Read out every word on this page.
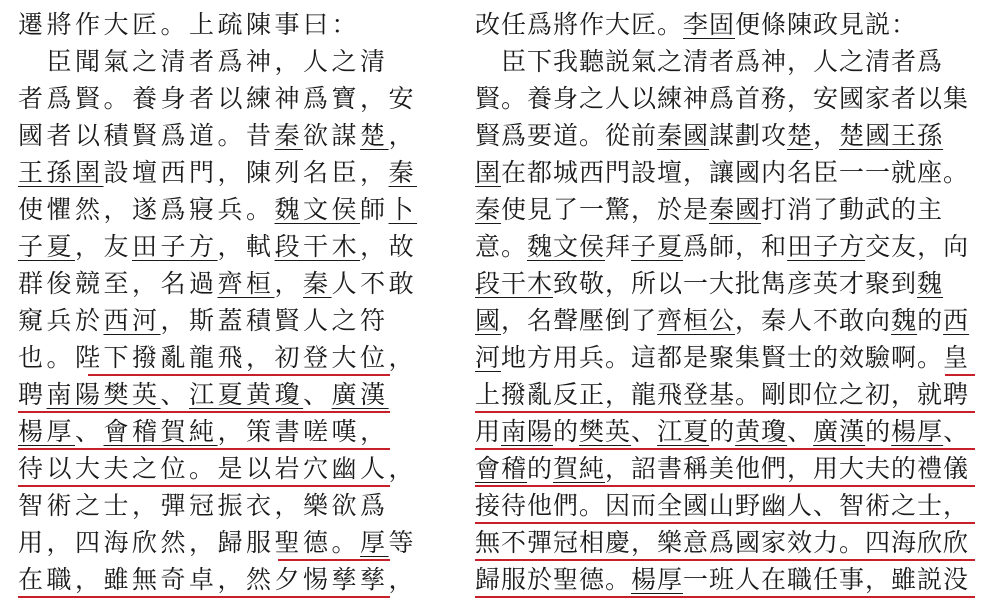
遷將作大匠。上疏陳事曰：
　臣聞氣之清者爲神，人之清
者爲賢。養身者以練神爲寶，安
國者以積賢爲道。昔秦欲謀楚，
王孫圉設壇西門，陳列名臣，秦
使懼然，遂爲寢兵。魏文侯師卜
子夏，友田子方，軾段干木，故
群俊競至，名過齊桓，秦人不敢
窺兵於西河，斯蓋積賢人之符
也。陛下撥亂龍飛，初登大位，
聘南陽樊英、江夏黄瓊、廣漢
楊厚、會稽賀純，策書嗟嘆，
待以大夫之位。是以岩穴幽人，
智術之士，彈冠振衣，樂欲爲
用，四海欣然，歸服聖德。厚等
在職，雖無奇卓，然夕惕孳孳，
改任爲將作大匠。李固便條陳政見説：
　臣下我聽説氣之清者爲神，人之清者爲
賢。養身之人以練神爲首務，安國家者以集
賢爲要道。從前秦國謀劃攻楚，楚國王孫
圉在都城西門設壇，讓國内名臣一一就座。
秦使見了一驚，於是秦國打消了動武的主
意。魏文侯拜子夏爲師，和田子方交友，向
段干木致敬，所以一大批雋彦英才聚到魏
國，名聲壓倒了齊桓公，秦人不敢向魏的西
河地方用兵。這都是聚集賢士的效驗啊。皇
上撥亂反正，龍飛登基。剛即位之初，就聘
用南陽的樊英、江夏的黄瓊、廣漢的楊厚、
會稽的賀純，詔書稱美他們，用大夫的禮儀
接待他們。因而全國山野幽人、智術之士，
無不彈冠相慶，樂意爲國家效力。四海欣欣
歸服於聖德。楊厚一班人在職任事，雖説没
